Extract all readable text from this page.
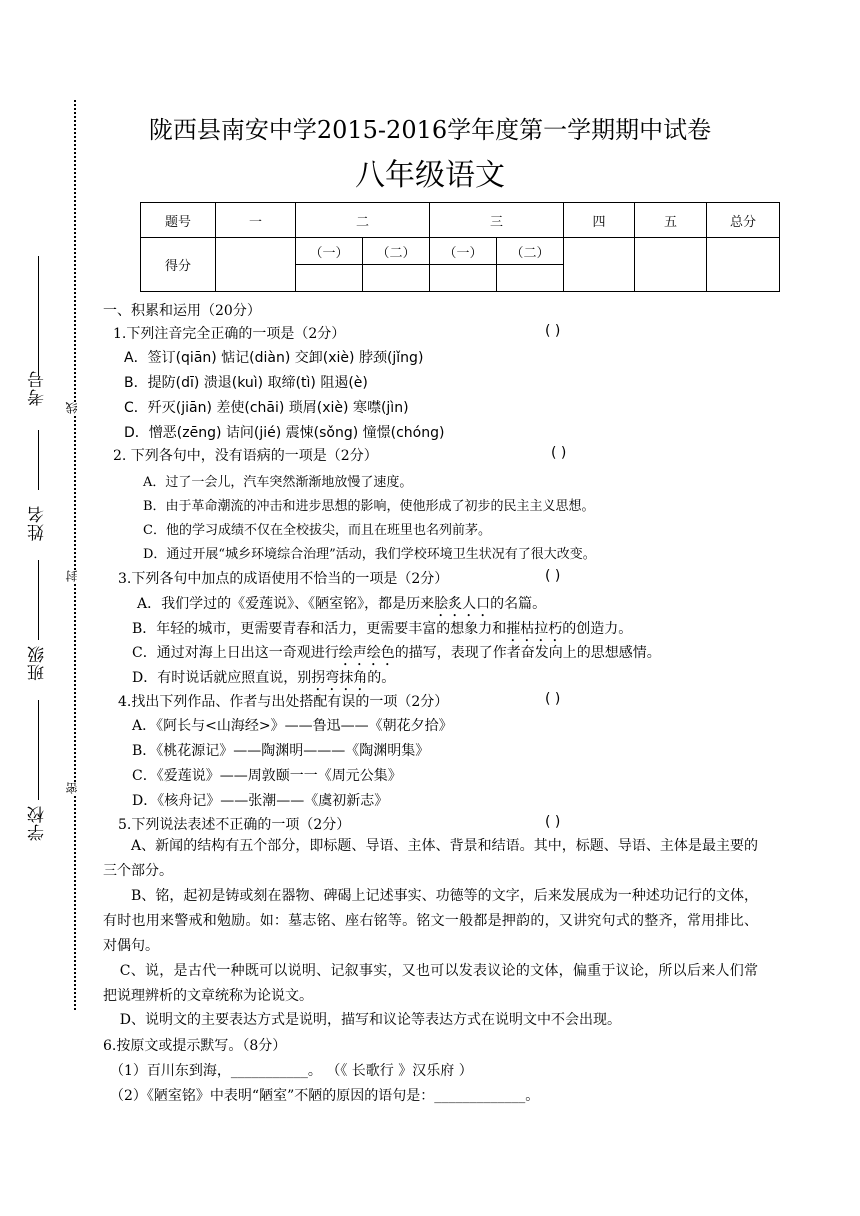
考号
姓名
班级
学校
线
封
密
陇西县南安中学2015-2016学年度第一学期期中试卷
八年级语文
题号	一	二		三		四	五	总分
得分		（一）	（二）	（一）	（二）			

一、积累和运用（20分）
1.下列注音完全正确的一项是（2分）	( )
A．签订(qiān) 惦记(diàn) 交卸(xiè) 脖颈(jǐng)
B．提防(dī) 溃退(kuì) 取缔(tì) 阻遏(è)
C．歼灭(jiān) 差使(chāi) 琐屑(xiè) 寒噤(jìn)
D．憎恶(zēng) 诘问(jié) 震悚(sǒng) 憧憬(chóng)
2. 下列各句中，没有语病的一项是（2分）	( )
A．过了一会儿，汽车突然渐渐地放慢了速度。
B．由于革命潮流的冲击和进步思想的影响，使他形成了初步的民主主义思想。
C．他的学习成绩不仅在全校拔尖，而且在班里也名列前茅。
D．通过开展“城乡环境综合治理”活动，我们学校环境卫生状况有了很大改变。
3.下列各句中加点的成语使用不恰当的一项是（2分）	( )
A．我们学过的《爱莲说》、《陋室铭》，都是历来脍炙人口的名篇。
B．年轻的城市，更需要青春和活力，更需要丰富的想象力和摧枯拉朽的创造力。
C．通过对海上日出这一奇观进行绘声绘色的描写，表现了作者奋发向上的思想感情。
D．有时说话就应照直说，别拐弯抹角的。
4.找出下列作品、作者与出处搭配有误的一项（2分）	( )
A．《阿长与<山海经>》——鲁迅——《朝花夕拾》
B．《桃花源记》——陶渊明———《陶渊明集》
C．《爱莲说》——周敦颐一一《周元公集》
D．《核舟记》——张潮——《虞初新志》
5.下列说法表述不正确的一项（2分）	( )
A、新闻的结构有五个部分，即标题、导语、主体、背景和结语。其中，标题、导语、主体是最主要的三个部分。
B、铭，起初是铸或刻在器物、碑碣上记述事实、功德等的文字，后来发展成为一种述功记行的文体，有时也用来警戒和勉励。如：墓志铭、座右铭等。铭文一般都是押韵的，又讲究句式的整齐，常用排比、对偶句。
C、说，是古代一种既可以说明、记叙事实，又也可以发表议论的文体，偏重于议论，所以后来人们常把说理辨析的文章统称为论说文。
D、说明文的主要表达方式是说明，描写和议论等表达方式在说明文中不会出现。
6.按原文或提示默写。（8分）
（1）百川东到海，___________。 （《 长歌行 》汉乐府 ）
（2）《陋室铭》中表明“陋室”不陋的原因的语句是：_____________。
